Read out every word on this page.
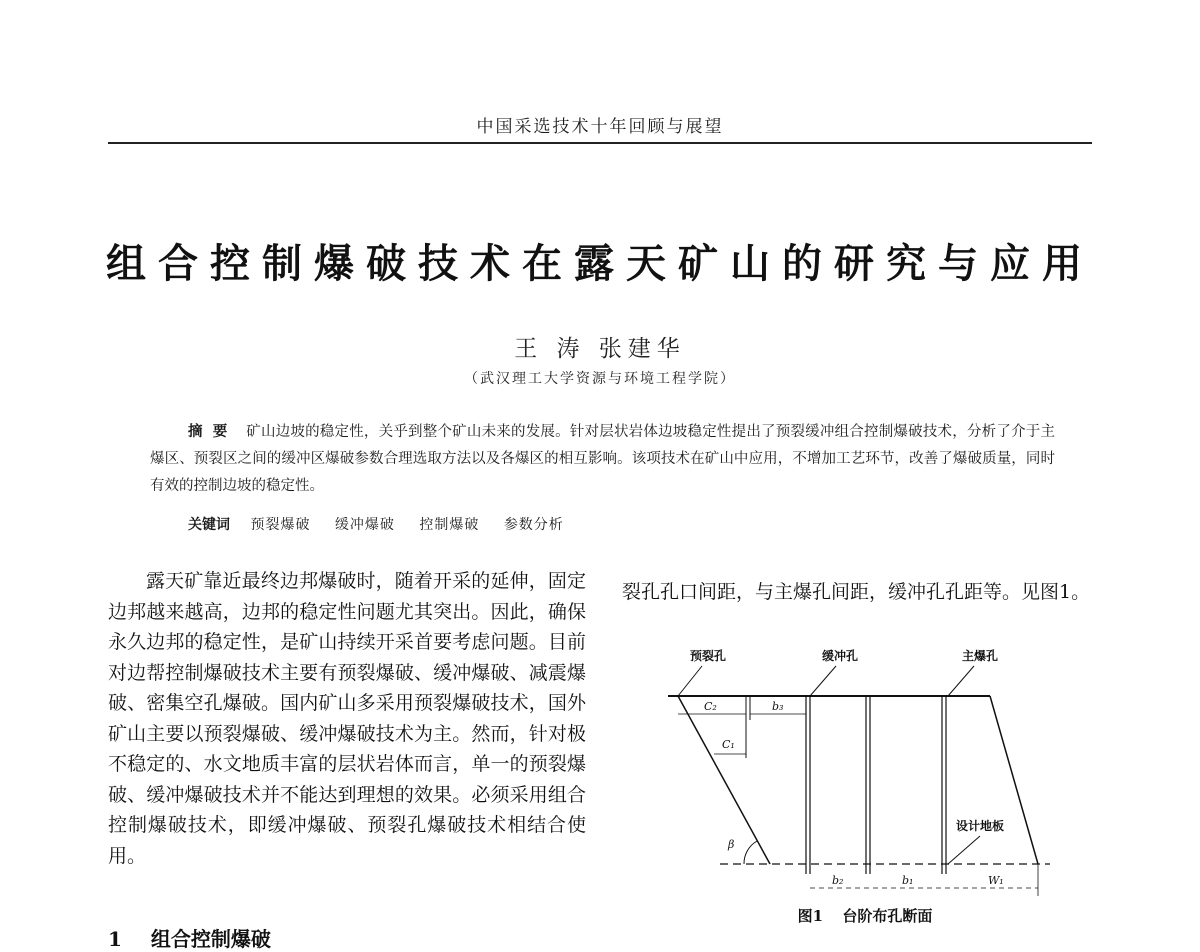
中国采选技术十年回顾与展望
组合控制爆破技术在露天矿山的研究与应用
王 涛 张建华
（武汉理工大学资源与环境工程学院）
摘要 矿山边坡的稳定性，关乎到整个矿山未来的发展。针对层状岩体边坡稳定性提出了预裂缓冲组合控制爆破技术，分析了介于主爆区、预裂区之间的缓冲区爆破参数合理选取方法以及各爆区的相互影响。该项技术在矿山中应用，不增加工艺环节，改善了爆破质量，同时有效的控制边坡的稳定性。
关键词 预裂爆破 缓冲爆破 控制爆破 参数分析

露天矿靠近最终边邦爆破时，随着开采的延伸，固定边邦越来越高，边邦的稳定性问题尤其突出。因此，确保永久边邦的稳定性，是矿山持续开采首要考虑问题。目前对边帮控制爆破技术主要有预裂爆破、缓冲爆破、减震爆破、密集空孔爆破。国内矿山多采用预裂爆破技术，国外矿山主要以预裂爆破、缓冲爆破技术为主。然而，针对极不稳定的、水文地质丰富的层状岩体而言，单一的预裂爆破、缓冲爆破技术并不能达到理想的效果。必须采用组合控制爆破技术，即缓冲爆破、预裂孔爆破技术相结合使用。

1 组合控制爆破

裂孔孔口间距，与主爆孔间距，缓冲孔孔距等。见图1。

预裂孔	缓冲孔	主爆孔
C₂	b₃
C₁
β
设计地板
b₂	b₁	W₁
图1 台阶布孔断面
